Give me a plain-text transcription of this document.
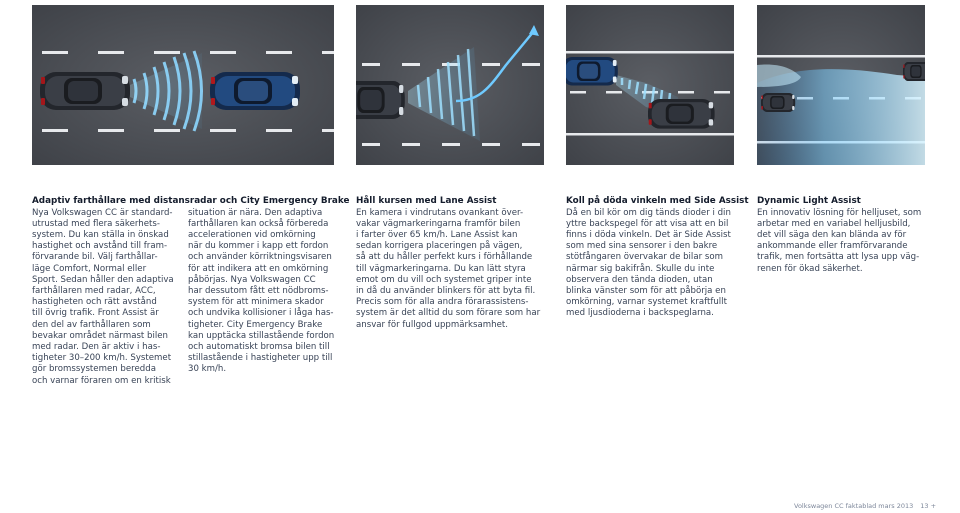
Adaptiv farthållare med distansradar och City Emergency Brake

Nya Volkswagen CC är standard-

utrustad med flera säkerhets-

system. Du kan ställa in önskad

hastighet och avstånd till fram-

förvarande bil. Välj farthållar-

läge Comfort, Normal eller

Sport. Sedan håller den adaptiva

farthållaren med radar, ACC,

hastigheten och rätt avstånd

till övrig trafik. Front Assist är

den del av farthållaren som

bevakar området närmast bilen

med radar. Den är aktiv i has-

tigheter 30–200 km/h. Systemet

gör bromssystemen beredda

och varnar föraren om en kritisk

situation är nära. Den adaptiva

farthållaren kan också förbereda

accelerationen vid omkörning

när du kommer i kapp ett fordon

och använder körriktningsvisaren

för att indikera att en omkörning

påbörjas. Nya Volkswagen CC

har dessutom fått ett nödbroms-

system för att minimera skador

och undvika kollisioner i låga has-

tigheter. City Emergency Brake

kan upptäcka stillastående fordon

och automatiskt bromsa bilen till

stillastående i hastigheter upp till

30 km/h.

Håll kursen med Lane Assist

En kamera i vindrutans ovankant över-

vakar vägmarkeringarna framför bilen

i farter över 65 km/h. Lane Assist kan

sedan korrigera placeringen på vägen,

så att du håller perfekt kurs i förhållande

till vägmarkeringarna. Du kan lätt styra

emot om du vill och systemet griper inte

in då du använder blinkers för att byta fil.

Precis som för alla andra förarassistens-

system är det alltid du som förare som har

ansvar för fullgod uppmärksamhet.

Koll på döda vinkeln med Side Assist

Då en bil kör om dig tänds dioder i din

yttre backspegel för att visa att en bil

finns i döda vinkeln. Det är Side Assist

som med sina sensorer i den bakre

stötfångaren övervakar de bilar som

närmar sig bakifrån. Skulle du inte

observera den tända dioden, utan

blinka vänster som för att påbörja en

omkörning, varnar systemet kraftfullt

med ljusdioderna i backspeglarna.

Dynamic Light Assist

En innovativ lösning för helljuset, som

arbetar med en variabel helljusbild,

det vill säga den kan blända av för

ankommande eller framförvarande

trafik, men fortsätta att lysa upp väg-

renen för ökad säkerhet.

Volkswagen CC faktablad mars 2013 13 +
